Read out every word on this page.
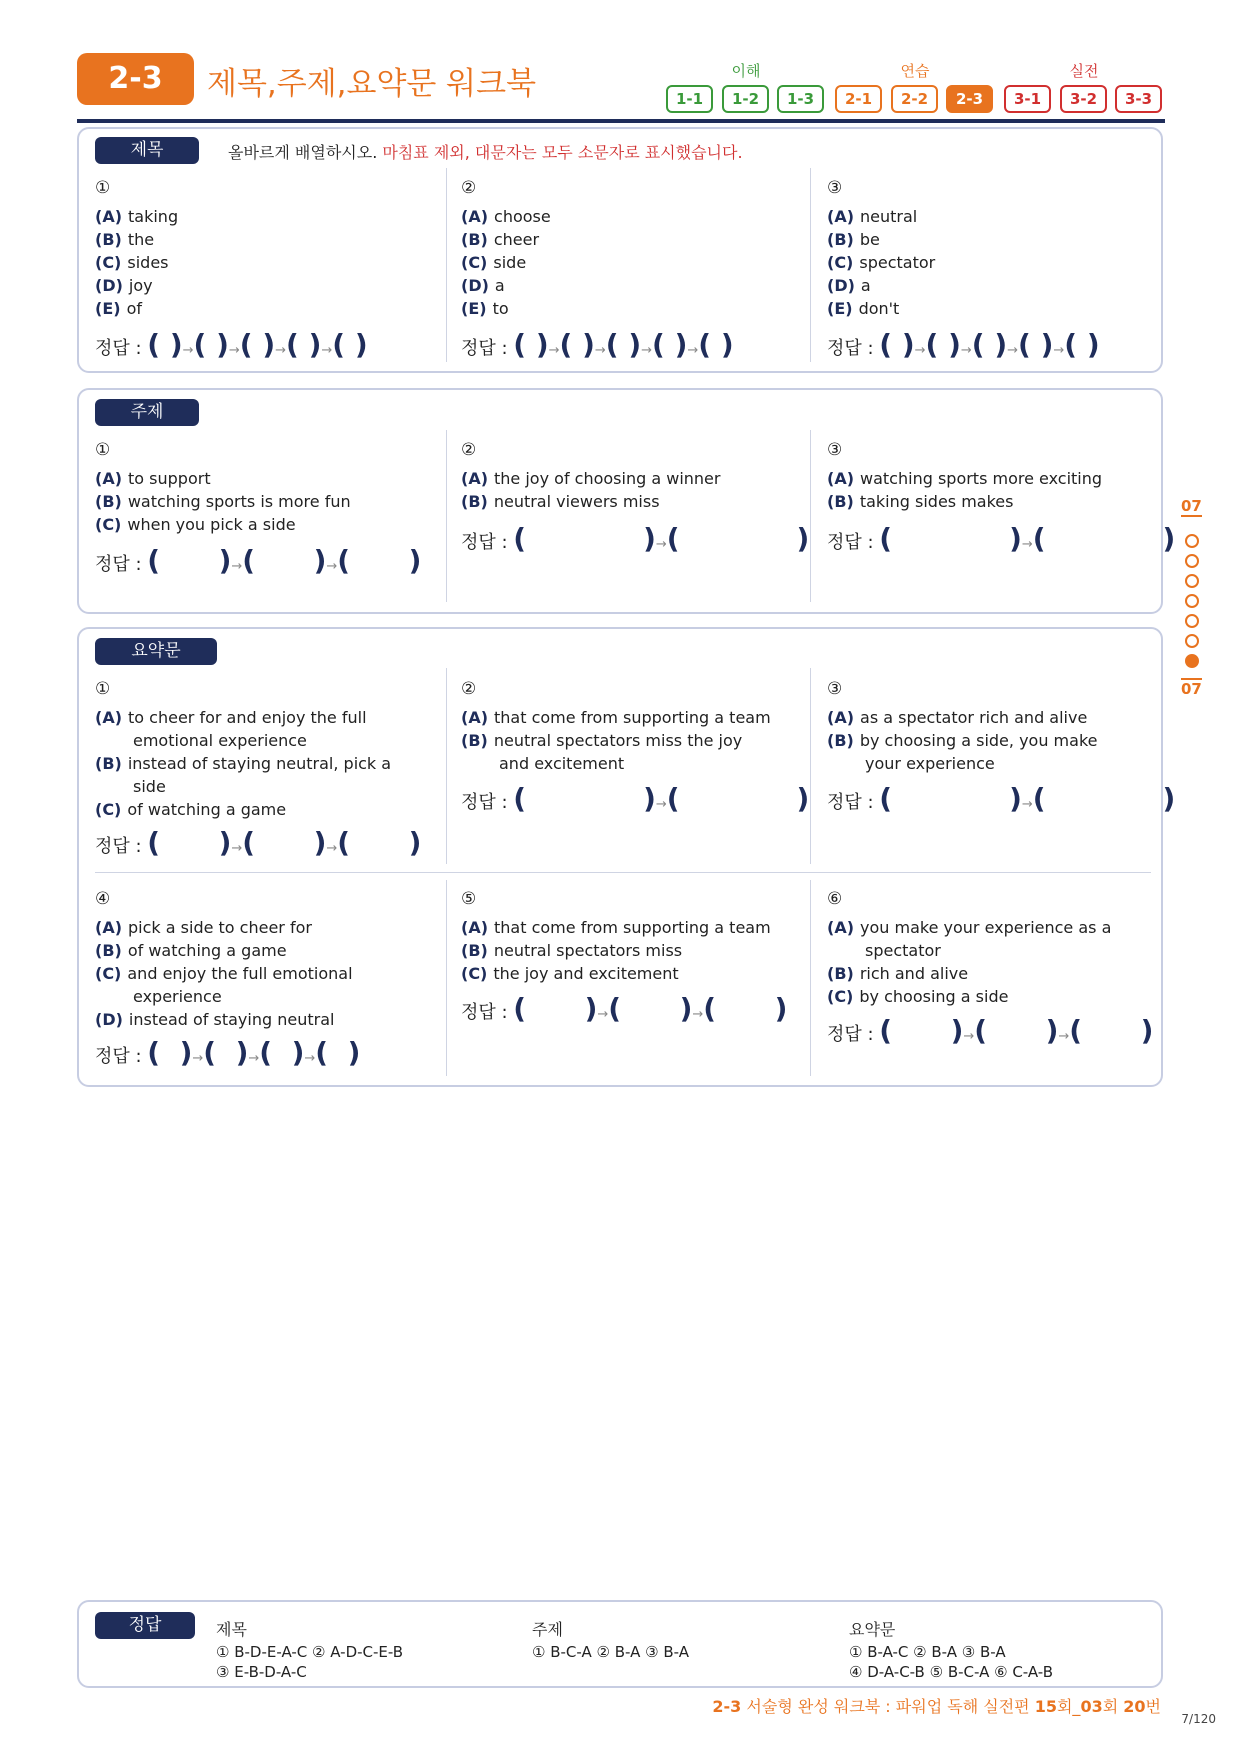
2-3	제목,주제,요약문 워크북	이해	연습	실전
1-1	1-2	1-3	2-1	2-2	2-3	3-1	3-2	3-3
제목	올바르게 배열하시오. 마침표 제외, 대문자는 모두 소문자로 표시했습니다.
①
(A) taking
(B) the
(C) sides
(D) joy
(E) of
정답 : ( )→( )→( )→( )→( )
②
(A) choose
(B) cheer
(C) side
(D) a
(E) to
정답 : ( )→( )→( )→( )→( )
③
(A) neutral
(B) be
(C) spectator
(D) a
(E) don't
정답 : ( )→( )→( )→( )→( )
주제
①
(A) to support
(B) watching sports is more fun
(C) when you pick a side
정답 : (      )→(      )→(      )
②
(A) the joy of choosing a winner
(B) neutral viewers miss
정답 : (            )→(            )
③
(A) watching sports more exciting
(B) taking sides makes
정답 : (            )→(            )
요약문
①
(A) to cheer for and enjoy the full
emotional experience
(B) instead of staying neutral, pick a
side
(C) of watching a game
정답 : (      )→(      )→(      )
②
(A) that come from supporting a team
(B) neutral spectators miss the joy
and excitement
정답 : (            )→(            )
③
(A) as a spectator rich and alive
(B) by choosing a side, you make
your experience
정답 : (            )→(            )
④
(A) pick a side to cheer for
(B) of watching a game
(C) and enjoy the full emotional
experience
(D) instead of staying neutral
정답 : (  )→(  )→(  )→(  )
⑤
(A) that come from supporting a team
(B) neutral spectators miss
(C) the joy and excitement
정답 : (      )→(      )→(      )
⑥
(A) you make your experience as a
spectator
(B) rich and alive
(C) by choosing a side
정답 : (      )→(      )→(      )
07
07
정답	제목
① B-D-E-A-C ② A-D-C-E-B
③ E-B-D-A-C
주제
① B-C-A ② B-A ③ B-A
요약문
① B-A-C ② B-A ③ B-A
④ D-A-C-B ⑤ B-C-A ⑥ C-A-B
2-3 서술형 완성 워크북 : 파워업 독해 실전편 15회_03회 20번
7/120
